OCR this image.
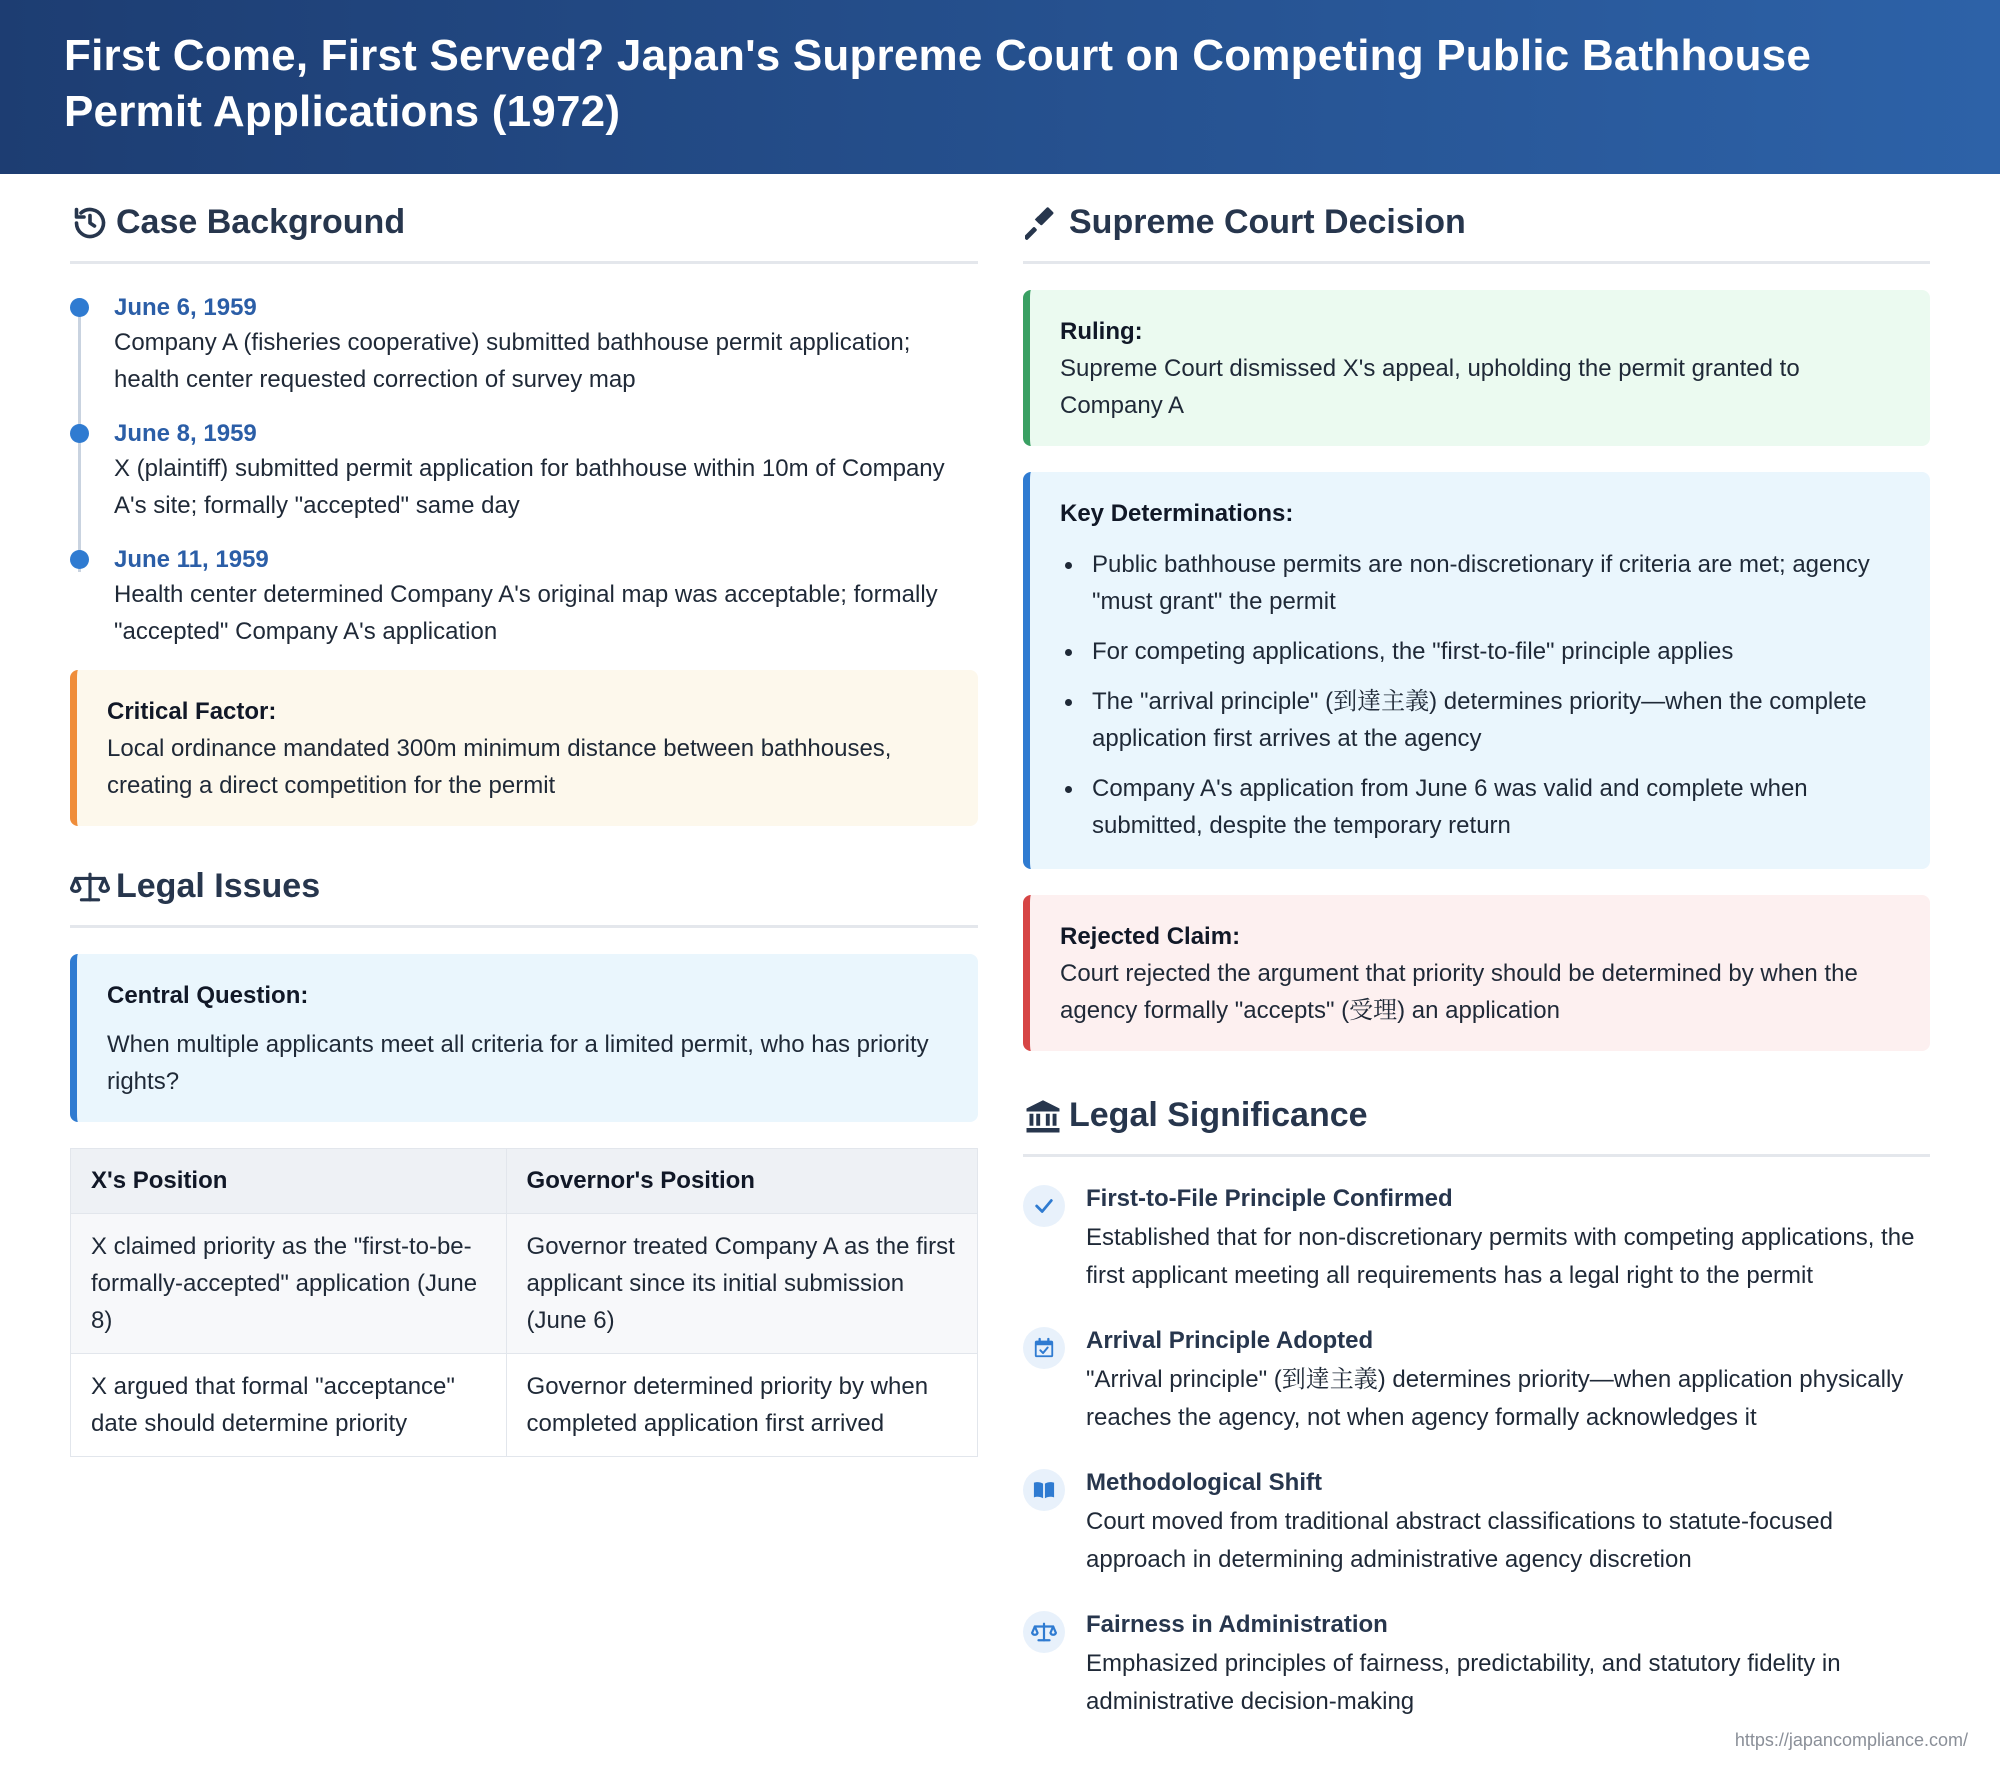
First Come, First Served? Japan's Supreme Court on Competing Public Bathhouse Permit Applications (1972)
Case Background
June 6, 1959
Company A (fisheries cooperative) submitted bathhouse permit application; health center requested correction of survey map
June 8, 1959
X (plaintiff) submitted permit application for bathhouse within 10m of Company A's site; formally "accepted" same day
June 11, 1959
Health center determined Company A's original map was acceptable; formally "accepted" Company A's application
Critical Factor:
Local ordinance mandated 300m minimum distance between bathhouses, creating a direct competition for the permit
Legal Issues
Central Question:
When multiple applicants meet all criteria for a limited permit, who has priority rights?
X's Position	Governor's Position
X claimed priority as the "first-to-be-formally-accepted" application (June 8)	Governor treated Company A as the first applicant since its initial submission (June 6)
X argued that formal "acceptance" date should determine priority	Governor determined priority by when completed application first arrived
Supreme Court Decision
Ruling:
Supreme Court dismissed X's appeal, upholding the permit granted to Company A
Key Determinations:
Public bathhouse permits are non-discretionary if criteria are met; agency "must grant" the permit
For competing applications, the "first-to-file" principle applies
The "arrival principle" (到達主義) determines priority—when the complete application first arrives at the agency
Company A's application from June 6 was valid and complete when submitted, despite the temporary return
Rejected Claim:
Court rejected the argument that priority should be determined by when the agency formally "accepts" (受理) an application
Legal Significance
First-to-File Principle Confirmed
Established that for non-discretionary permits with competing applications, the first applicant meeting all requirements has a legal right to the permit
Arrival Principle Adopted
"Arrival principle" (到達主義) determines priority—when application physically reaches the agency, not when agency formally acknowledges it
Methodological Shift
Court moved from traditional abstract classifications to statute-focused approach in determining administrative agency discretion
Fairness in Administration
Emphasized principles of fairness, predictability, and statutory fidelity in administrative decision-making
https://japancompliance.com/
